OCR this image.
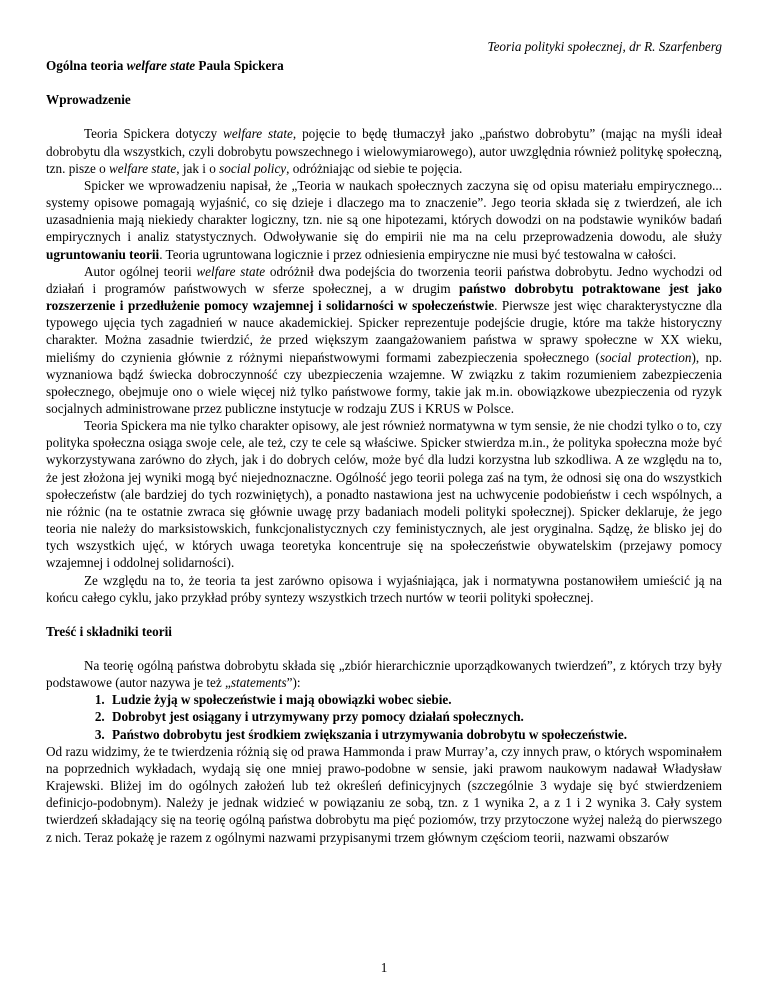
Teoria polityki społecznej, dr R. Szarfenberg
Ogólna teoria welfare state Paula Spickera
Wprowadzenie

Teoria Spickera dotyczy welfare state, pojęcie to będę tłumaczył jako „państwo dobrobytu” (mając na myśli ideał dobrobytu dla wszystkich, czyli dobrobytu powszechnego i wielowymiarowego), autor uwzględnia również politykę społeczną, tzn. pisze o welfare state, jak i o social policy, odróżniając od siebie te pojęcia.

Spicker we wprowadzeniu napisał, że „Teoria w naukach społecznych zaczyna się od opisu materiału empirycznego... systemy opisowe pomagają wyjaśnić, co się dzieje i dlaczego ma to znaczenie”. Jego teoria składa się z twierdzeń, ale ich uzasadnienia mają niekiedy charakter logiczny, tzn. nie są one hipotezami, których dowodzi on na podstawie wyników badań empirycznych i analiz statystycznych. Odwoływanie się do empirii nie ma na celu przeprowadzenia dowodu, ale służy ugruntowaniu teorii. Teoria ugruntowana logicznie i przez odniesienia empiryczne nie musi być testowalna w całości.

Autor ogólnej teorii welfare state odróżnił dwa podejścia do tworzenia teorii państwa dobrobytu. Jedno wychodzi od działań i programów państwowych w sferze społecznej, a w drugim państwo dobrobytu potraktowane jest jako rozszerzenie i przedłużenie pomocy wzajemnej i solidarności w społeczeństwie. Pierwsze jest więc charakterystyczne dla typowego ujęcia tych zagadnień w nauce akademickiej. Spicker reprezentuje podejście drugie, które ma także historyczny charakter. Można zasadnie twierdzić, że przed większym zaangażowaniem państwa w sprawy społeczne w XX wieku, mieliśmy do czynienia głównie z różnymi niepaństwowymi formami zabezpieczenia społecznego (social protection), np. wyznaniowa bądź świecka dobroczynność czy ubezpieczenia wzajemne. W związku z takim rozumieniem zabezpieczenia społecznego, obejmuje ono o wiele więcej niż tylko państwowe formy, takie jak m.in. obowiązkowe ubezpieczenia od ryzyk socjalnych administrowane przez publiczne instytucje w rodzaju ZUS i KRUS w Polsce.

Teoria Spickera ma nie tylko charakter opisowy, ale jest również normatywna w tym sensie, że nie chodzi tylko o to, czy polityka społeczna osiąga swoje cele, ale też, czy te cele są właściwe. Spicker stwierdza m.in., że polityka społeczna może być wykorzystywana zarówno do złych, jak i do dobrych celów, może być dla ludzi korzystna lub szkodliwa. A ze względu na to, że jest złożona jej wyniki mogą być niejednoznaczne. Ogólność jego teorii polega zaś na tym, że odnosi się ona do wszystkich społeczeństw (ale bardziej do tych rozwiniętych), a ponadto nastawiona jest na uchwycenie podobieństw i cech wspólnych, a nie różnic (na te ostatnie zwraca się głównie uwagę przy badaniach modeli polityki społecznej). Spicker deklaruje, że jego teoria nie należy do marksistowskich, funkcjonalistycznych czy feministycznych, ale jest oryginalna. Sądzę, że blisko jej do tych wszystkich ujęć, w których uwaga teoretyka koncentruje się na społeczeństwie obywatelskim (przejawy pomocy wzajemnej i oddolnej solidarności).

Ze względu na to, że teoria ta jest zarówno opisowa i wyjaśniająca, jak i normatywna postanowiłem umieścić ją na końcu całego cyklu, jako przykład próby syntezy wszystkich trzech nurtów w teorii polityki społecznej.

Treść i składniki teorii

Na teorię ogólną państwa dobrobytu składa się „zbiór hierarchicznie uporządkowanych twierdzeń”, z których trzy były podstawowe (autor nazywa je też „statements”):

1. Ludzie żyją w społeczeństwie i mają obowiązki wobec siebie.
2. Dobrobyt jest osiągany i utrzymywany przy pomocy działań społecznych.
3. Państwo dobrobytu jest środkiem zwiększania i utrzymywania dobrobytu w społeczeństwie.

Od razu widzimy, że te twierdzenia różnią się od prawa Hammonda i praw Murray’a, czy innych praw, o których wspominałem na poprzednich wykładach, wydają się one mniej prawo-podobne w sensie, jaki prawom naukowym nadawał Władysław Krajewski. Bliżej im do ogólnych założeń lub też określeń definicyjnych (szczególnie 3 wydaje się być stwierdzeniem definicjo-podobnym). Należy je jednak widzieć w powiązaniu ze sobą, tzn. z 1 wynika 2, a z 1 i 2 wynika 3. Cały system twierdzeń składający się na teorię ogólną państwa dobrobytu ma pięć poziomów, trzy przytoczone wyżej należą do pierwszego z nich. Teraz pokażę je razem z ogólnymi nazwami przypisanymi trzem głównym częściom teorii, nazwami obszarów

1
